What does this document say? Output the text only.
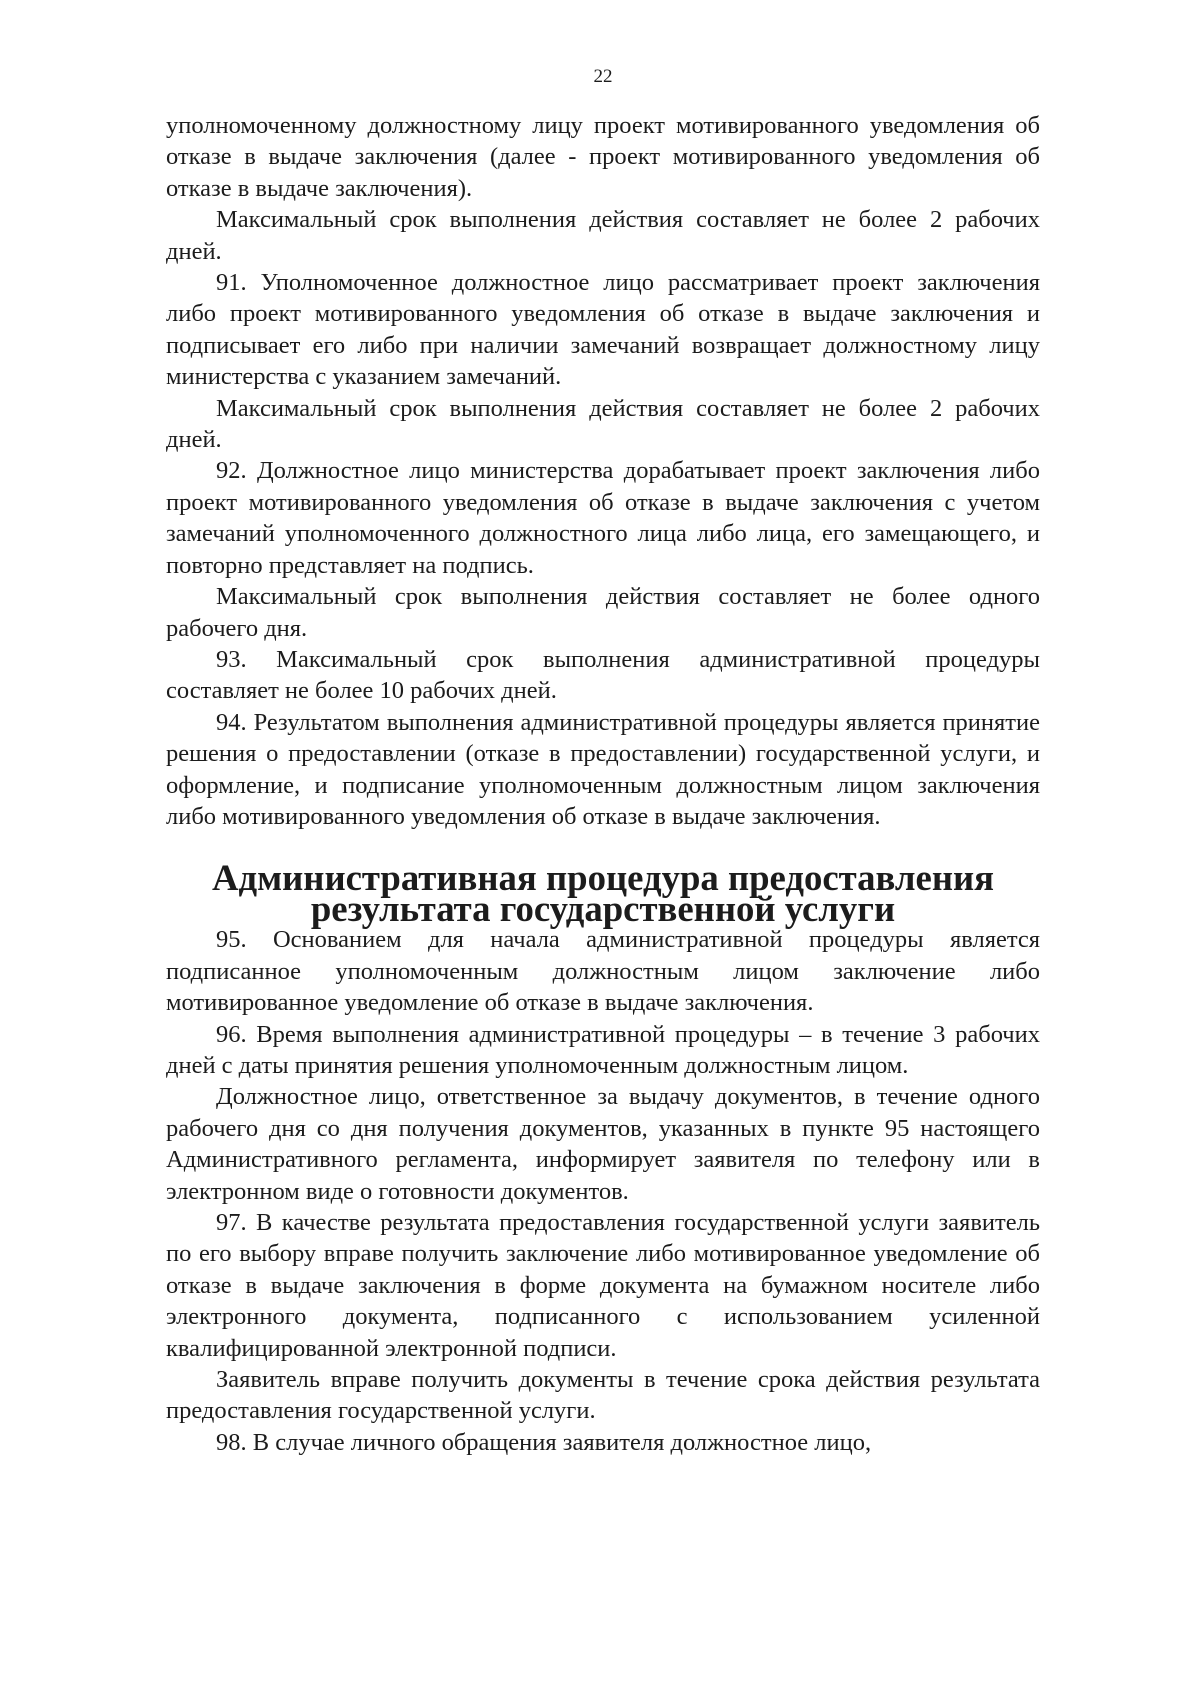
22

уполномоченному должностному лицу проект мотивированного уведомления об отказе в выдаче заключения (далее - проект мотивированного уведомления об отказе в выдаче заключения).

Максимальный срок выполнения действия составляет не более 2 рабочих дней.

91. Уполномоченное должностное лицо рассматривает проект заключения либо проект мотивированного уведомления об отказе в выдаче заключения и подписывает его либо при наличии замечаний возвращает должностному лицу министерства с указанием замечаний.

Максимальный срок выполнения действия составляет не более 2 рабочих дней.

92. Должностное лицо министерства дорабатывает проект заключения либо проект мотивированного уведомления об отказе в выдаче заключения с учетом замечаний уполномоченного должностного лица либо лица, его замещающего, и повторно представляет на подпись.

Максимальный срок выполнения действия составляет не более одного рабочего дня.

93. Максимальный срок выполнения административной процедуры составляет не более 10 рабочих дней.

94. Результатом выполнения административной процедуры является принятие решения о предоставлении (отказе в предоставлении) государственной услуги, и оформление, и подписание уполномоченным должностным лицом заключения либо мотивированного уведомления об отказе в выдаче заключения.

Административная процедура предоставления
результата государственной услуги

95. Основанием для начала административной процедуры является подписанное уполномоченным должностным лицом заключение либо мотивированное уведомление об отказе в выдаче заключения.

96. Время выполнения административной процедуры – в течение 3 рабочих дней с даты принятия решения уполномоченным должностным лицом.

Должностное лицо, ответственное за выдачу документов, в течение одного рабочего дня со дня получения документов, указанных в пункте 95 настоящего Административного регламента, информирует заявителя по телефону или в электронном виде о готовности документов.

97. В качестве результата предоставления государственной услуги заявитель по его выбору вправе получить заключение либо мотивированное уведомление об отказе в выдаче заключения в форме документа на бумажном носителе либо электронного документа, подписанного с использованием усиленной квалифицированной электронной подписи.

Заявитель вправе получить документы в течение срока действия результата предоставления государственной услуги.

98. В случае личного обращения заявителя должностное лицо,
